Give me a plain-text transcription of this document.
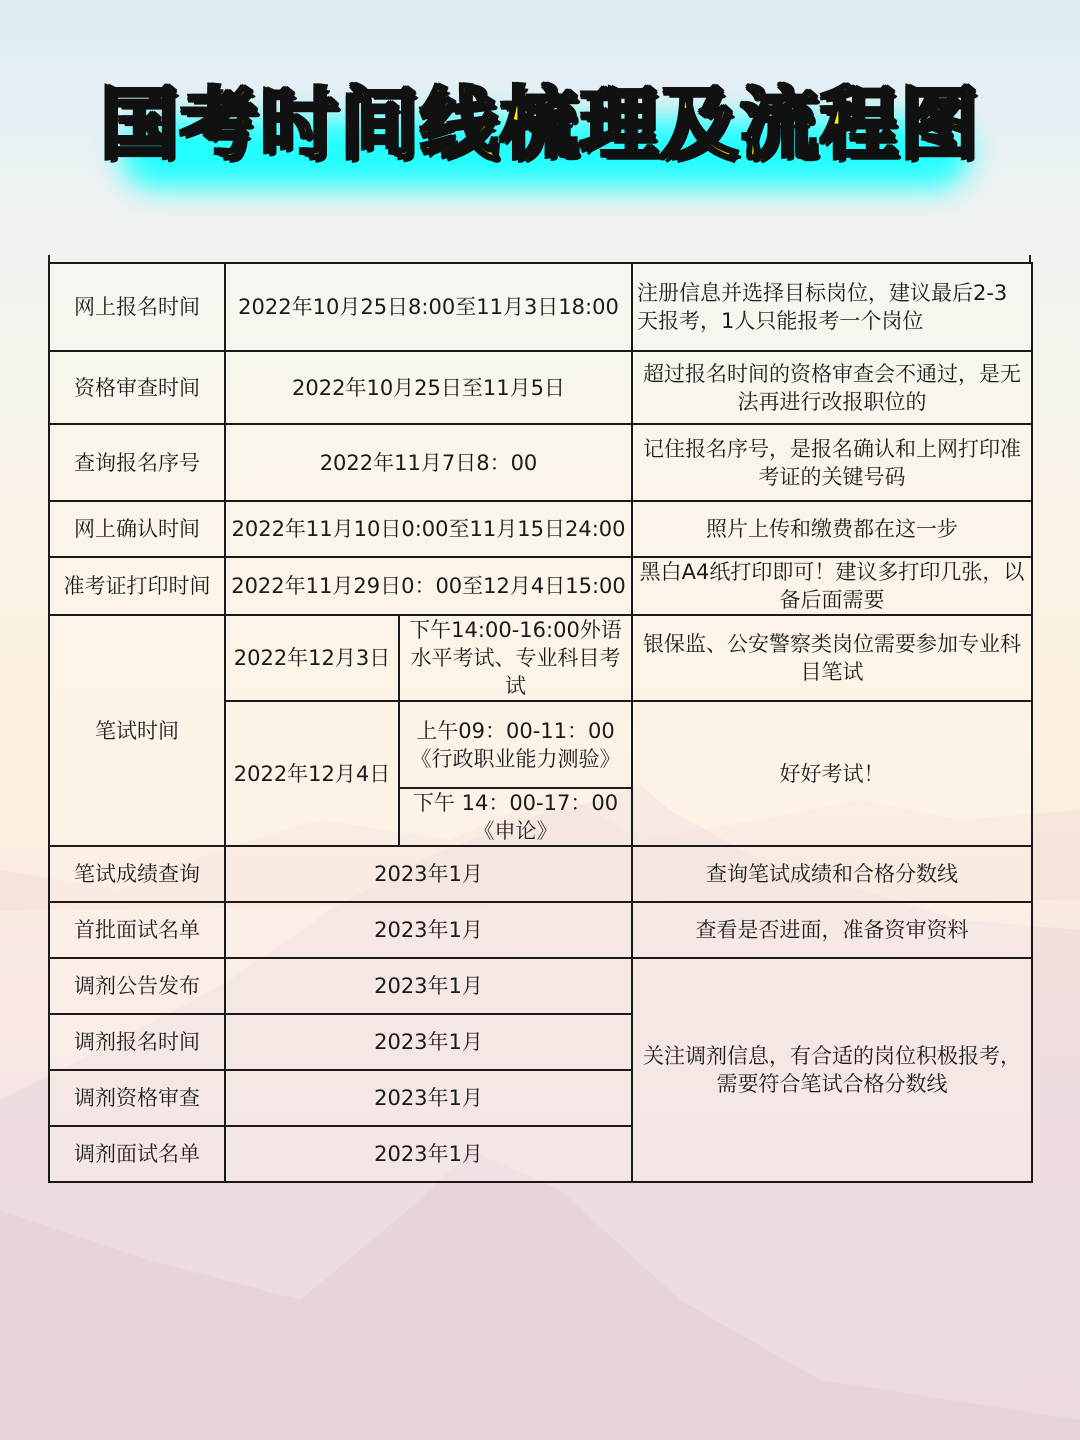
国考时间线梳理及流程图
网上报名时间	2022年10月25日8:00至11月3日18:00		注册信息并选择目标岗位，建议最后2-3天报考，1人只能报考一个岗位
资格审查时间	2022年10月25日至11月5日		超过报名时间的资格审查会不通过，是无法再进行改报职位的
查询报名序号	2022年11月7日8：00		记住报名序号，是报名确认和上网打印准考证的关键号码
网上确认时间	2022年11月10日0:00至11月15日24:00		照片上传和缴费都在这一步
准考证打印时间	2022年11月29日0：00至12月4日15:00		黑白A4纸打印即可！建议多打印几张，以备后面需要
笔试时间	2022年12月3日	下午14:00-16:00外语水平考试、专业科目考试	银保监、公安警察类岗位需要参加专业科目笔试
	2022年12月4日	上午09：00-11：00《行政职业能力测验》	好好考试！
		下午 14：00-17：00《申论》	
笔试成绩查询	2023年1月		查询笔试成绩和合格分数线
首批面试名单	2023年1月		查看是否进面，准备资审资料
调剂公告发布	2023年1月		关注调剂信息，有合适的岗位积极报考，需要符合笔试合格分数线
调剂报名时间	2023年1月		
调剂资格审查	2023年1月		
调剂面试名单	2023年1月		
